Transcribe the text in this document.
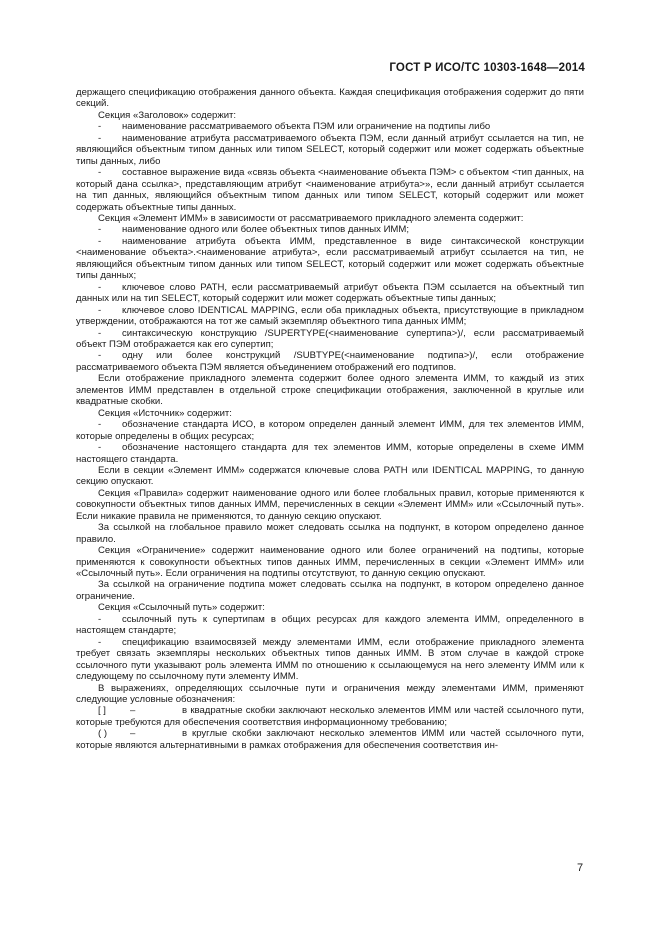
ГОСТ Р ИСО/ТС 10303-1648—2014

держащего спецификацию отображения данного объекта. Каждая спецификация отображения содержит до пяти секций.

Секция «Заголовок» содержит:

- наименование рассматриваемого объекта ПЭМ или ограничение на подтипы либо

- наименование атрибута рассматриваемого объекта ПЭМ, если данный атрибут ссылается на тип, не являющийся объектным типом данных или типом SELECT, который содержит или может содержать объектные типы данных, либо

- составное выражение вида «связь объекта <наименование объекта ПЭМ> с объектом <тип данных, на который дана ссылка>, представляющим атрибут <наименование атрибута>», если данный атрибут ссылается на тип данных, являющийся объектным типом данных или типом SELECT, который содержит или может содержать объектные типы данных.

Секция «Элемент ИММ» в зависимости от рассматриваемого прикладного элемента содержит:

- наименование одного или более объектных типов данных ИММ;

- наименование атрибута объекта ИММ, представленное в виде синтаксической конструкции <наименование объекта>.<наименование атрибута>, если рассматриваемый атрибут ссылается на тип, не являющийся объектным типом данных или типом SELECT, который содержит или может содержать объектные типы данных;

- ключевое слово PATH, если рассматриваемый атрибут объекта ПЭМ ссылается на объектный тип данных или на тип SELECT, который содержит или может содержать объектные типы данных;

- ключевое слово IDENTICAL MAPPING, если оба прикладных объекта, присутствующие в прикладном утверждении, отображаются на тот же самый экземпляр объектного типа данных ИММ;

- синтаксическую конструкцию /SUPERTYPE(<наименование супертипа>)/, если рассматриваемый объект ПЭМ отображается как его супертип;

- одну или более конструкций /SUBTYPE(<наименование подтипа>)/, если отображение рассматриваемого объекта ПЭМ является объединением отображений его подтипов.

Если отображение прикладного элемента содержит более одного элемента ИММ, то каждый из этих элементов ИММ представлен в отдельной строке спецификации отображения, заключенной в круглые или квадратные скобки.

Секция «Источник» содержит:

- обозначение стандарта ИСО, в котором определен данный элемент ИММ, для тех элементов ИММ, которые определены в общих ресурсах;

- обозначение настоящего стандарта для тех элементов ИММ, которые определены в схеме ИММ настоящего стандарта.

Если в секции «Элемент ИММ» содержатся ключевые слова PATH или IDENTICAL MAPPING, то данную секцию опускают.

Секция «Правила» содержит наименование одного или более глобальных правил, которые применяются к совокупности объектных типов данных ИММ, перечисленных в секции «Элемент ИММ» или «Ссылочный путь». Если никакие правила не применяются, то данную секцию опускают.

За ссылкой на глобальное правило может следовать ссылка на подпункт, в котором определено данное правило.

Секция «Ограничение» содержит наименование одного или более ограничений на подтипы, которые применяются к совокупности объектных типов данных ИММ, перечисленных в секции «Элемент ИММ» или «Ссылочный путь». Если ограничения на подтипы отсутствуют, то данную секцию опускают.

За ссылкой на ограничение подтипа может следовать ссылка на подпункт, в котором определено данное ограничение.

Секция «Ссылочный путь» содержит:

- ссылочный путь к супертипам в общих ресурсах для каждого элемента ИММ, определенного в настоящем стандарте;

- спецификацию взаимосвязей между элементами ИММ, если отображение прикладного элемента требует связать экземпляры нескольких объектных типов данных ИММ. В этом случае в каждой строке ссылочного пути указывают роль элемента ИММ по отношению к ссылающемуся на него элементу ИММ или к следующему по ссылочному пути элементу ИММ.

В выражениях, определяющих ссылочные пути и ограничения между элементами ИММ, применяют следующие условные обозначения:

[ ]	–	в квадратные скобки заключают несколько элементов ИММ или частей ссылочного пути, которые требуются для обеспечения соответствия информационному требованию;

( ) –	в круглые скобки заключают несколько элементов ИММ или частей ссылочного пути, которые являются альтернативными в рамках отображения для обеспечения соответствия ин-

7
